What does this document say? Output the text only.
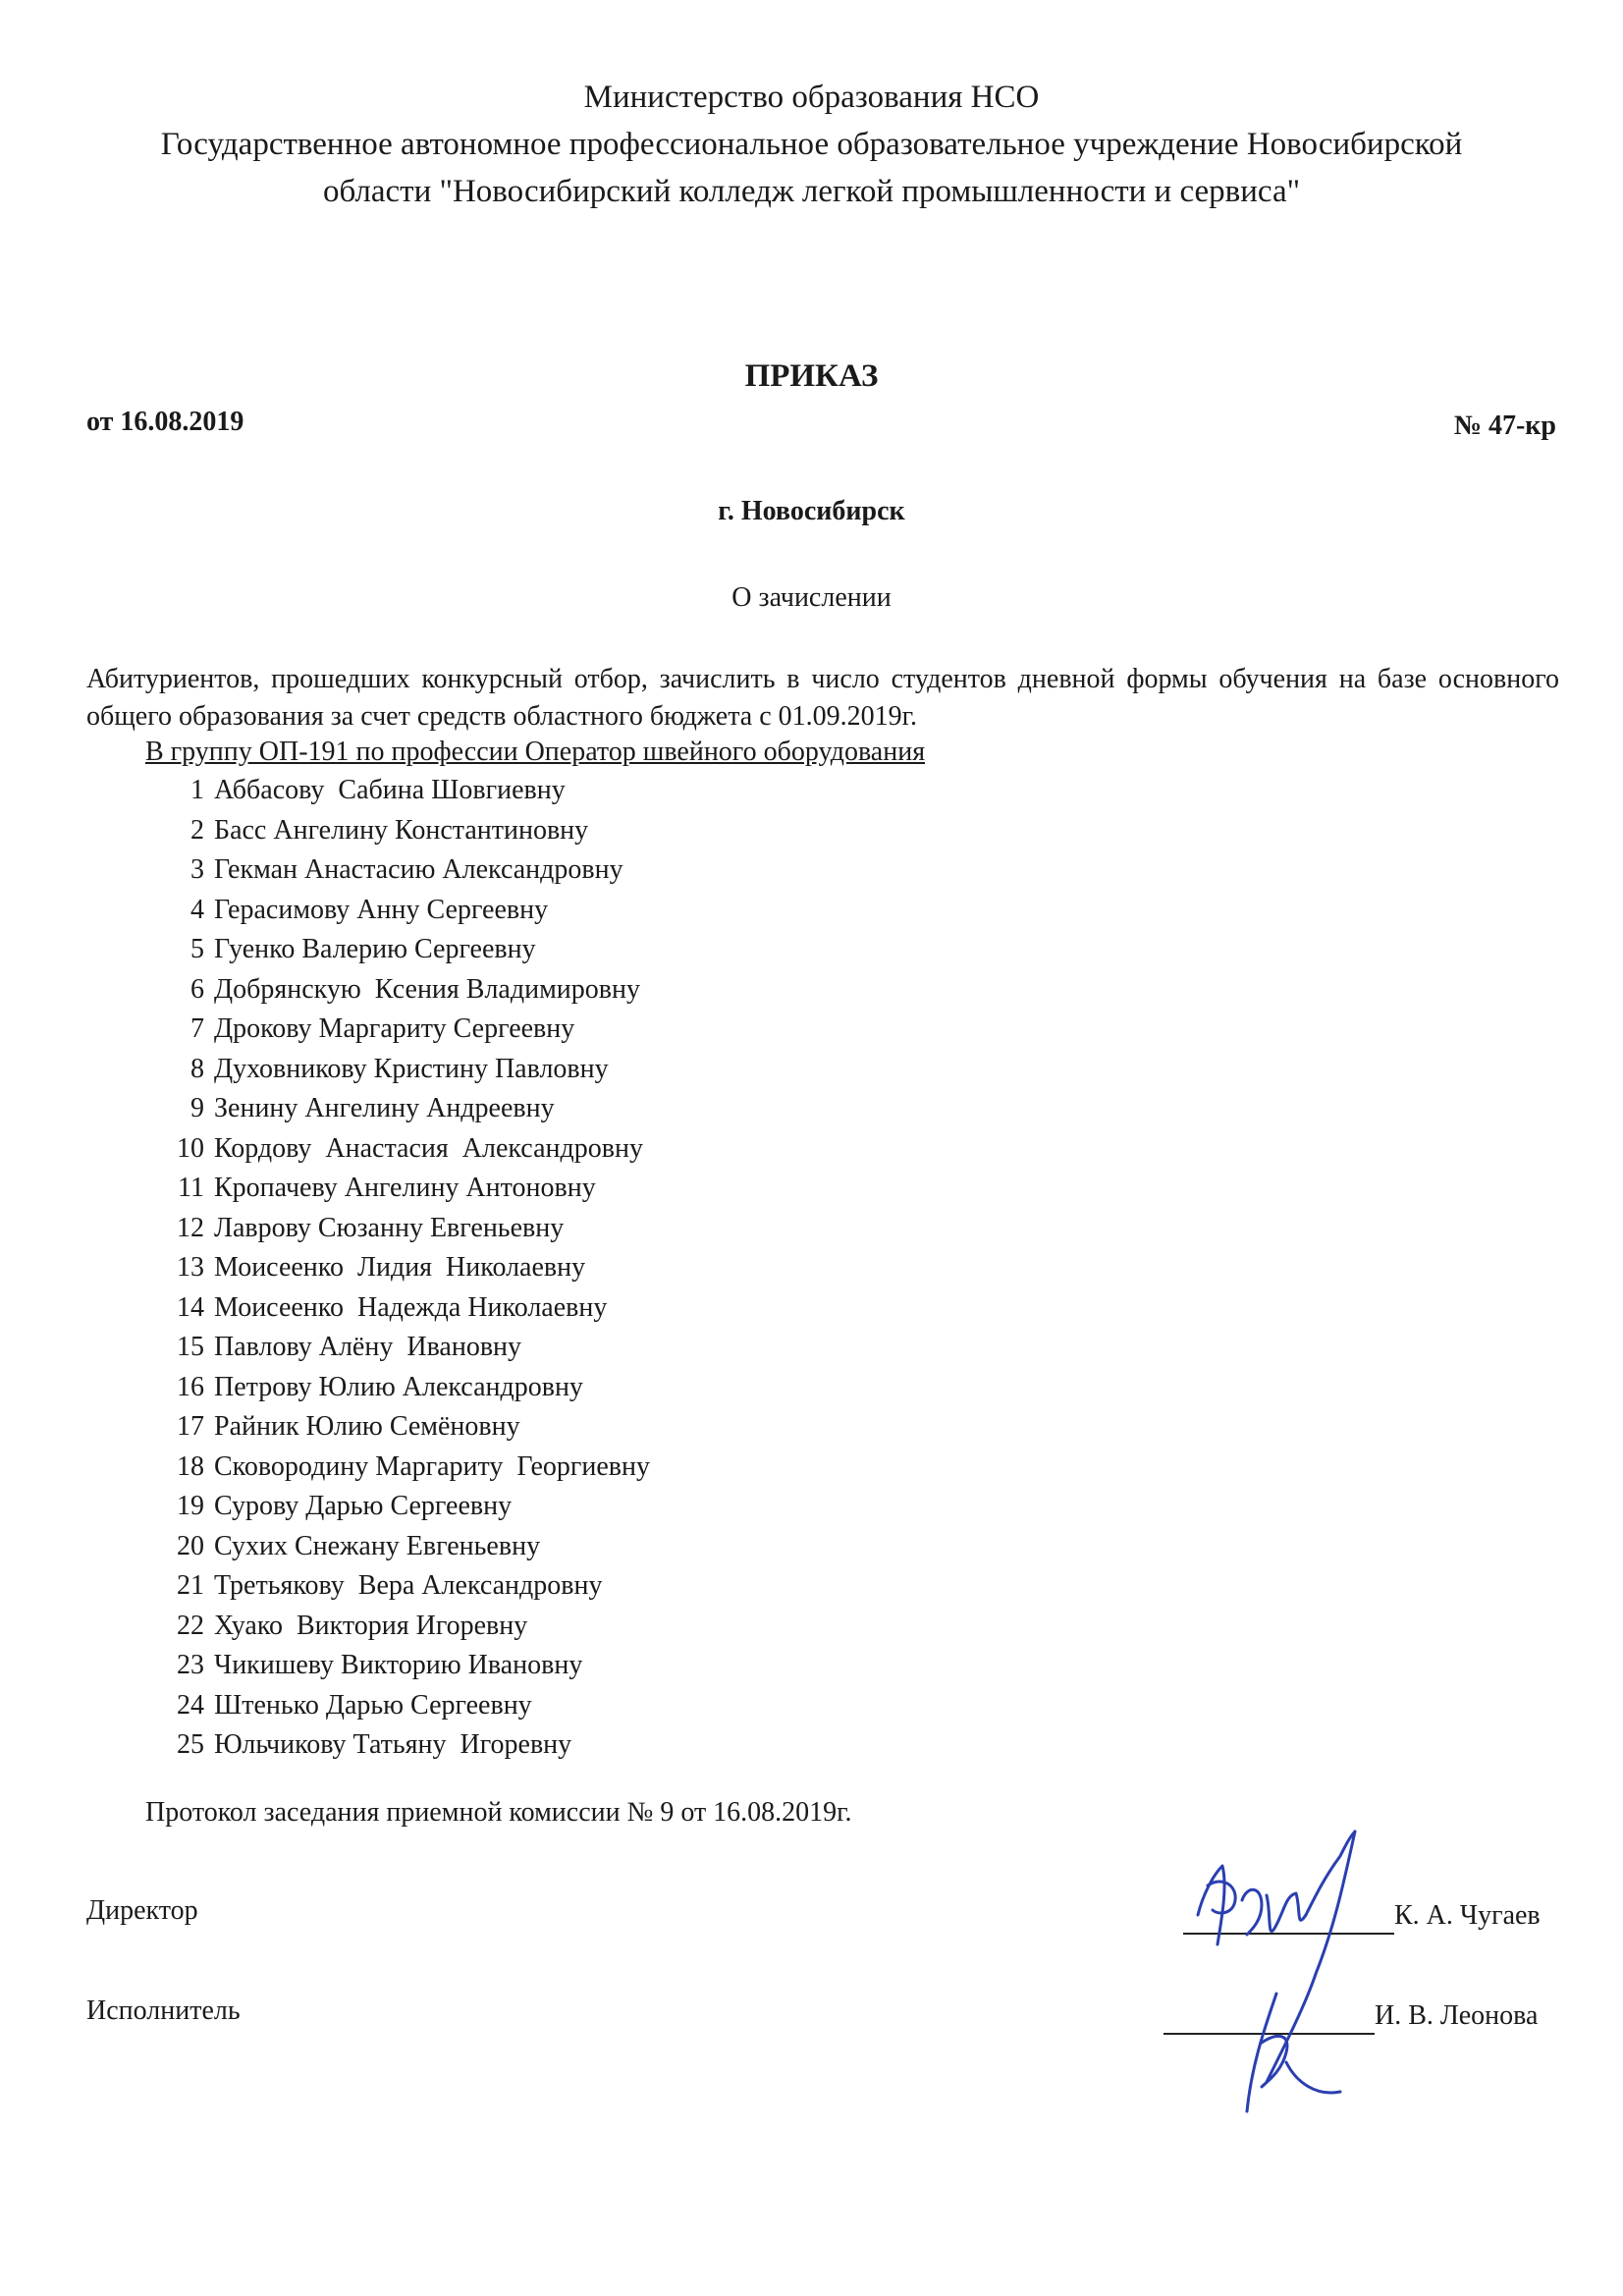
Министерство образования НСО
Государственное автономное профессиональное образовательное учреждение Новосибирской
области "Новосибирский колледж легкой промышленности и сервиса"
ПРИКАЗ
от 16.08.2019	№ 47-кр
г. Новосибирск
О зачислении
Абитуриентов, прошедших конкурсный отбор, зачислить в число студентов дневной формы обучения на базе основного общего образования за счет средств областного бюджета с 01.09.2019г.
В группу ОП-191 по профессии Оператор швейного оборудования
1 Аббасову  Сабина Шовгиевну
2 Басс Ангелину Константиновну
3 Гекман Анастасию Александровну
4 Герасимову Анну Сергеевну
5 Гуенко Валерию Сергеевну
6 Добрянскую  Ксения Владимировну
7 Дрокову Маргариту Сергеевну
8 Духовникову Кристину Павловну
9 Зенину Ангелину Андреевну
10 Кордову  Анастасия  Александровну
11 Кропачеву Ангелину Антоновну
12 Лаврову Сюзанну Евгеньевну
13 Моисеенко  Лидия  Николаевну
14 Моисеенко  Надежда Николаевну
15 Павлову Алёну  Ивановну
16 Петрову Юлию Александровну
17 Райник Юлию Семёновну
18 Сковородину Маргариту  Георгиевну
19 Сурову Дарью Сергеевну
20 Сухих Снежану Евгеньевну
21 Третьякову  Вера Александровну
22 Хуако  Виктория Игоревну
23 Чикишеву Викторию Ивановну
24 Штенько Дарью Сергеевну
25 Юльчикову Татьяну  Игоревну
Протокол заседания приемной комиссии № 9 от 16.08.2019г.
Директор	К. А. Чугаев
Исполнитель	И. В. Леонова
